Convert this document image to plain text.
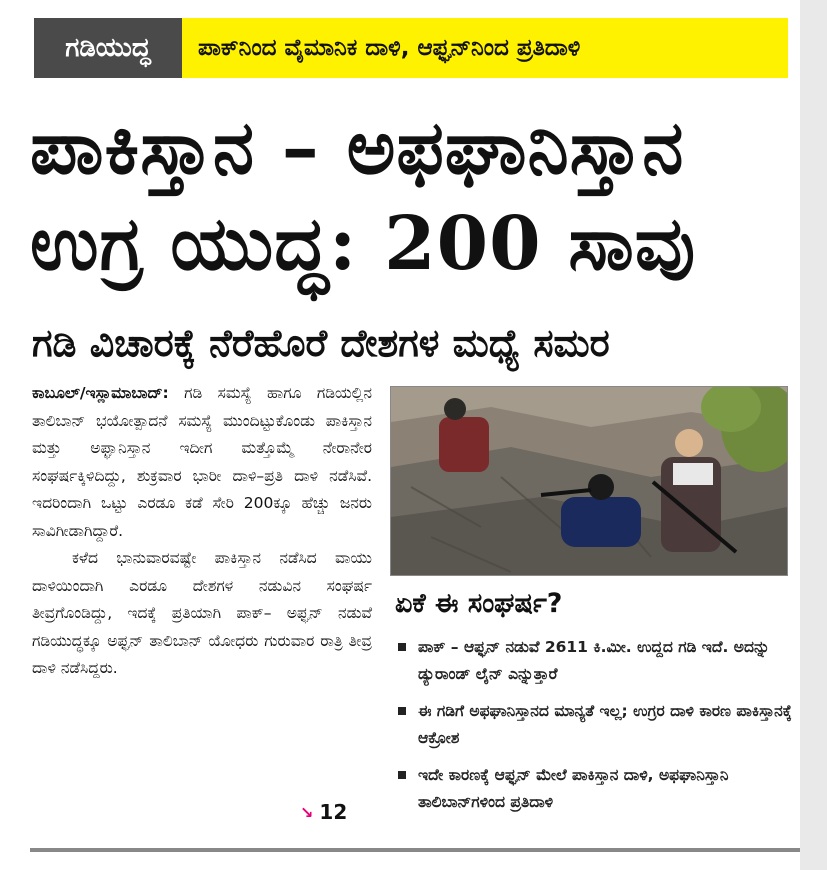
ಗಡಿಯುದ್ಧ	ಪಾಕ್‌ನಿಂದ ವೈಮಾನಿಕ ದಾಳಿ, ಆಫ್ಘನ್‌ನಿಂದ ಪ್ರತಿದಾಳಿ
ಪಾಕಿಸ್ತಾನ – ಅಫಘಾನಿಸ್ತಾನ
ಉಗ್ರ ಯುದ್ಧ: 200 ಸಾವು
ಗಡಿ ವಿಚಾರಕ್ಕೆ ನೆರೆಹೊರೆ ದೇಶಗಳ ಮಧ್ಯೆ ಸಮರ

ಕಾಬೂಲ್/ಇಸ್ಲಾಮಾಬಾದ್: ಗಡಿ ಸಮಸ್ಯೆ ಹಾಗೂ ಗಡಿಯಲ್ಲಿನ ತಾಲಿಬಾನ್ ಭಯೋತ್ಪಾದನೆ ಸಮಸ್ಯೆ ಮುಂದಿಟ್ಟುಕೊಂಡು ಪಾಕಿಸ್ತಾನ ಮತ್ತು ಅಫ್ಘಾನಿಸ್ತಾನ ಇದೀಗ ಮತ್ತೊಮ್ಮೆ ನೇರಾನೇರ ಸಂಘರ್ಷಕ್ಕಿಳಿದಿದ್ದು, ಶುಕ್ರವಾರ ಭಾರೀ ದಾಳಿ–ಪ್ರತಿ ದಾಳಿ ನಡೆಸಿವೆ. ಇದರಿಂದಾಗಿ ಒಟ್ಟು ಎರಡೂ ಕಡೆ ಸೇರಿ 200ಕ್ಕೂ ಹೆಚ್ಚು ಜನರು ಸಾವಿಗೀಡಾಗಿದ್ದಾರೆ.

ಕಳೆದ ಭಾನುವಾರವಷ್ಟೇ ಪಾಕಿಸ್ತಾನ ನಡೆಸಿದ ವಾಯು ದಾಳಿಯಿಂದಾಗಿ ಎರಡೂ ದೇಶಗಳ ನಡುವಿನ ಸಂಘರ್ಷ ತೀವ್ರಗೊಂಡಿದ್ದು, ಇದಕ್ಕೆ ಪ್ರತಿಯಾಗಿ ಪಾಕ್– ಅಫ್ಘನ್ ನಡುವೆ ಗಡಿಯುದ್ಧಕ್ಕೂ ಅಫ್ಘನ್ ತಾಲಿಬಾನ್ ಯೋಧರು ಗುರುವಾರ ರಾತ್ರಿ ತೀವ್ರ ದಾಳಿ ನಡೆಸಿದ್ದರು.

↘ 12
ಏಕೆ ಈ ಸಂಘರ್ಷ?
ಪಾಕ್ – ಆಫ್ಘನ್ ನಡುವೆ 2611 ಕಿ.ಮೀ. ಉದ್ದದ ಗಡಿ ಇದೆ. ಅದನ್ನು ಡ್ಯುರಾಂಡ್ ಲೈನ್ ಎನ್ನುತ್ತಾರೆ
ಈ ಗಡಿಗೆ ಅಫಘಾನಿಸ್ತಾನದ ಮಾನ್ಯತೆ ಇಲ್ಲ; ಉಗ್ರರ ದಾಳಿ ಕಾರಣ ಪಾಕಿಸ್ತಾನಕ್ಕೆ ಆಕ್ರೋಶ
ಇದೇ ಕಾರಣಕ್ಕೆ ಆಫ್ಘನ್ ಮೇಲೆ ಪಾಕಿಸ್ತಾನ ದಾಳಿ, ಅಫಘಾನಿಸ್ತಾನಿ ತಾಲಿಬಾನ್‌ಗಳಿಂದ ಪ್ರತಿದಾಳಿ
